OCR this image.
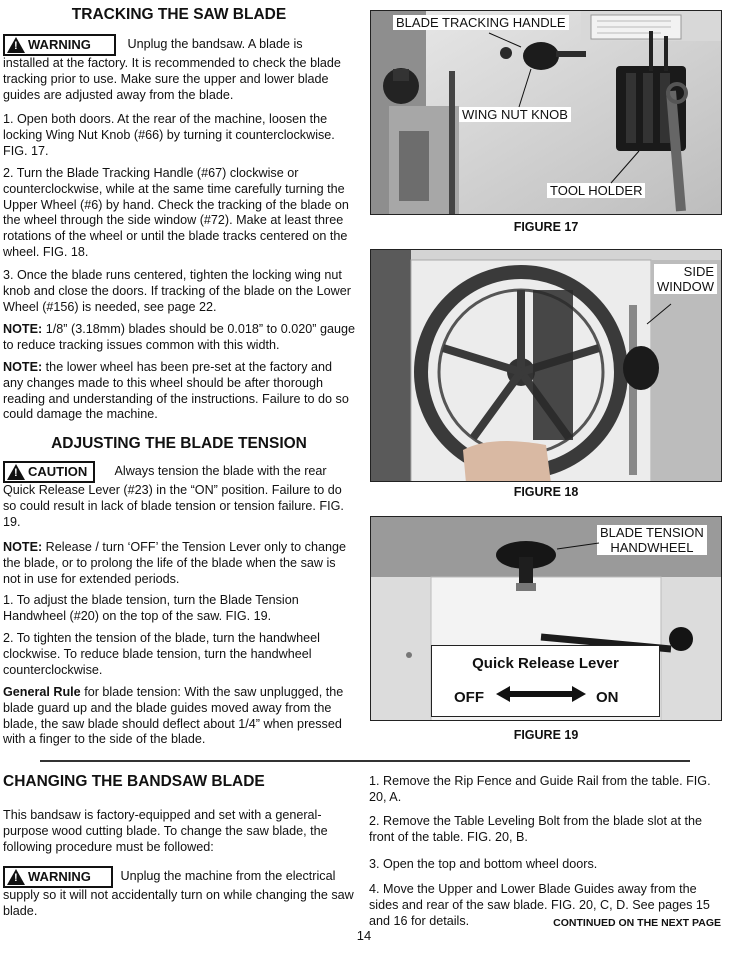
TRACKING THE SAW BLADE
!
WARNING	Unplug the bandsaw. A blade is
installed at the factory. It is recommended to check the blade tracking prior to use. Make sure the upper and lower blade guides are adjusted away from the blade.
1. Open both doors. At the rear of the machine, loosen the locking Wing Nut Knob (#66) by turning it counterclockwise. FIG. 17.
2. Turn the Blade Tracking Handle (#67) clockwise or counterclockwise, while at the same time carefully turning the Upper Wheel (#6) by hand. Check the tracking of the blade on the wheel through the side window (#72). Make at least three rotations of the wheel or until the blade tracks centered on the wheel. FIG. 18.
3. Once the blade runs centered, tighten the locking wing nut knob and close the doors. If tracking of the blade on the Lower Wheel (#156) is needed, see page 22.
NOTE: 1/8” (3.18mm) blades should be 0.018” to 0.020” gauge to reduce tracking issues common with this width.
NOTE: the lower wheel has been pre-set at the factory and any changes made to this wheel should be after thorough reading and understanding of the instructions. Failure to do so could damage the machine.
ADJUSTING THE BLADE TENSION
!
CAUTION Always tension the blade with the rear
Quick Release Lever (#23) in the “ON” position. Failure to do so could result in lack of blade tension or tension failure. FIG. 19.
NOTE: Release / turn ‘OFF’ the Tension Lever only to change the blade, or to prolong the life of the blade when the saw is not in use for extended periods.
1. To adjust the blade tension, turn the Blade Tension Handwheel (#20) on the top of the saw. FIG. 19.
2. To tighten the tension of the blade, turn the handwheel clockwise. To reduce blade tension, turn the handwheel counterclockwise.
General Rule for blade tension: With the saw unplugged, the blade guard up and the blade guides moved away from the blade, the saw blade should deflect about 1/4” when pressed with a finger to the side of the blade.
BLADE TRACKING HANDLE
WING NUT KNOB
TOOL HOLDER
FIGURE 17
SIDE
WINDOW
FIGURE 18
BLADE TENSION
HANDWHEEL
Quick Release Lever
OFF	ON
FIGURE 19
CHANGING THE BANDSAW BLADE
This bandsaw is factory-equipped and set with a general-purpose wood cutting blade. To change the saw blade, the following procedure must be followed:
!
WARNING Unplug the machine from the electrical
supply so it will not accidentally turn on while changing the saw blade.
1. Remove the Rip Fence and Guide Rail from the table. FIG. 20, A.
2. Remove the Table Leveling Bolt from the blade slot at the front of the table. FIG. 20, B.
3. Open the top and bottom wheel doors.
4. Move the Upper and Lower Blade Guides away from the sides and rear of the saw blade. FIG. 20, C, D. See pages 15 and 16 for details.	CONTINUED ON THE NEXT PAGE
14
